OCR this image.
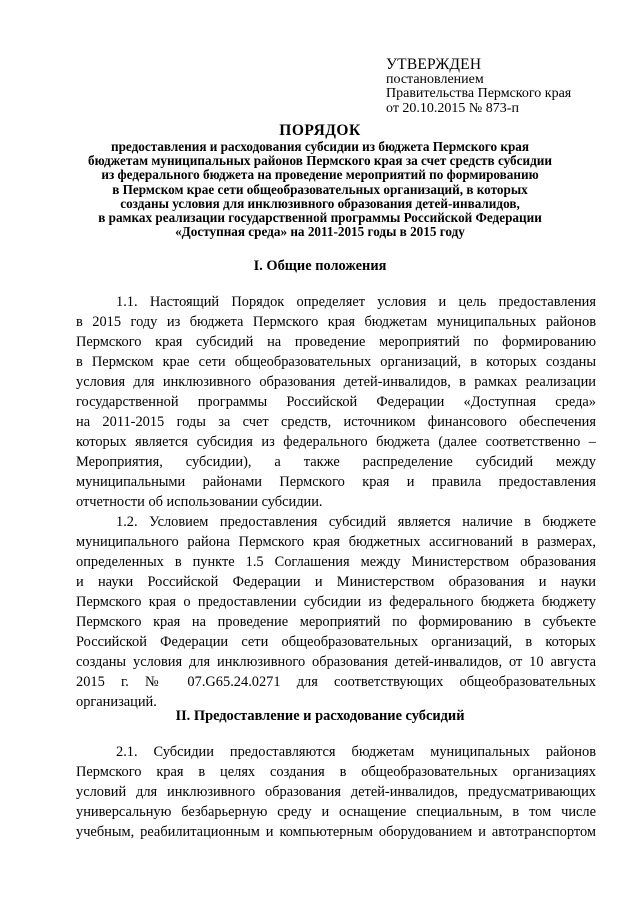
УТВЕРЖДЕН
постановлением
Правительства Пермского края
от 20.10.2015 № 873-п
ПОРЯДОК
предоставления и расходования субсидии из бюджета Пермского края
бюджетам муниципальных районов Пермского края за счет средств субсидии
из федерального бюджета на проведение мероприятий по формированию
в Пермском крае сети общеобразовательных организаций, в которых
созданы условия для инклюзивного образования детей-инвалидов,
в рамках реализации государственной программы Российской Федерации
«Доступная среда» на 2011-2015 годы в 2015 году
I. Общие положения
1.1. Настоящий Порядок определяет условия и цель предоставления
в 2015 году из бюджета Пермского края бюджетам муниципальных районов
Пермского края субсидий на проведение мероприятий по формированию
в Пермском крае сети общеобразовательных организаций, в которых созданы
условия для инклюзивного образования детей-инвалидов, в рамках реализации
государственной программы Российской Федерации «Доступная среда»
на 2011-2015 годы за счет средств, источником финансового обеспечения
которых является субсидия из федерального бюджета (далее соответственно –
Мероприятия, субсидии), а также распределение субсидий между
муниципальными районами Пермского края и правила предоставления
отчетности об использовании субсидии.
1.2. Условием предоставления субсидий является наличие в бюджете
муниципального района Пермского края бюджетных ассигнований в размерах,
определенных в пункте 1.5 Соглашения между Министерством образования
и науки Российской Федерации и Министерством образования и науки
Пермского края о предоставлении субсидии из федерального бюджета бюджету
Пермского края на проведение мероприятий по формированию в субъекте
Российской Федерации сети общеобразовательных организаций, в которых
созданы условия для инклюзивного образования детей-инвалидов, от 10 августа
2015 г. № 07.G65.24.0271 для соответствующих общеобразовательных
организаций.
II. Предоставление и расходование субсидий
2.1. Субсидии предоставляются бюджетам муниципальных районов
Пермского края в целях создания в общеобразовательных организациях
условий для инклюзивного образования детей-инвалидов, предусматривающих
универсальную безбарьерную среду и оснащение специальным, в том числе
учебным, реабилитационным и компьютерным оборудованием и автотранспортом
